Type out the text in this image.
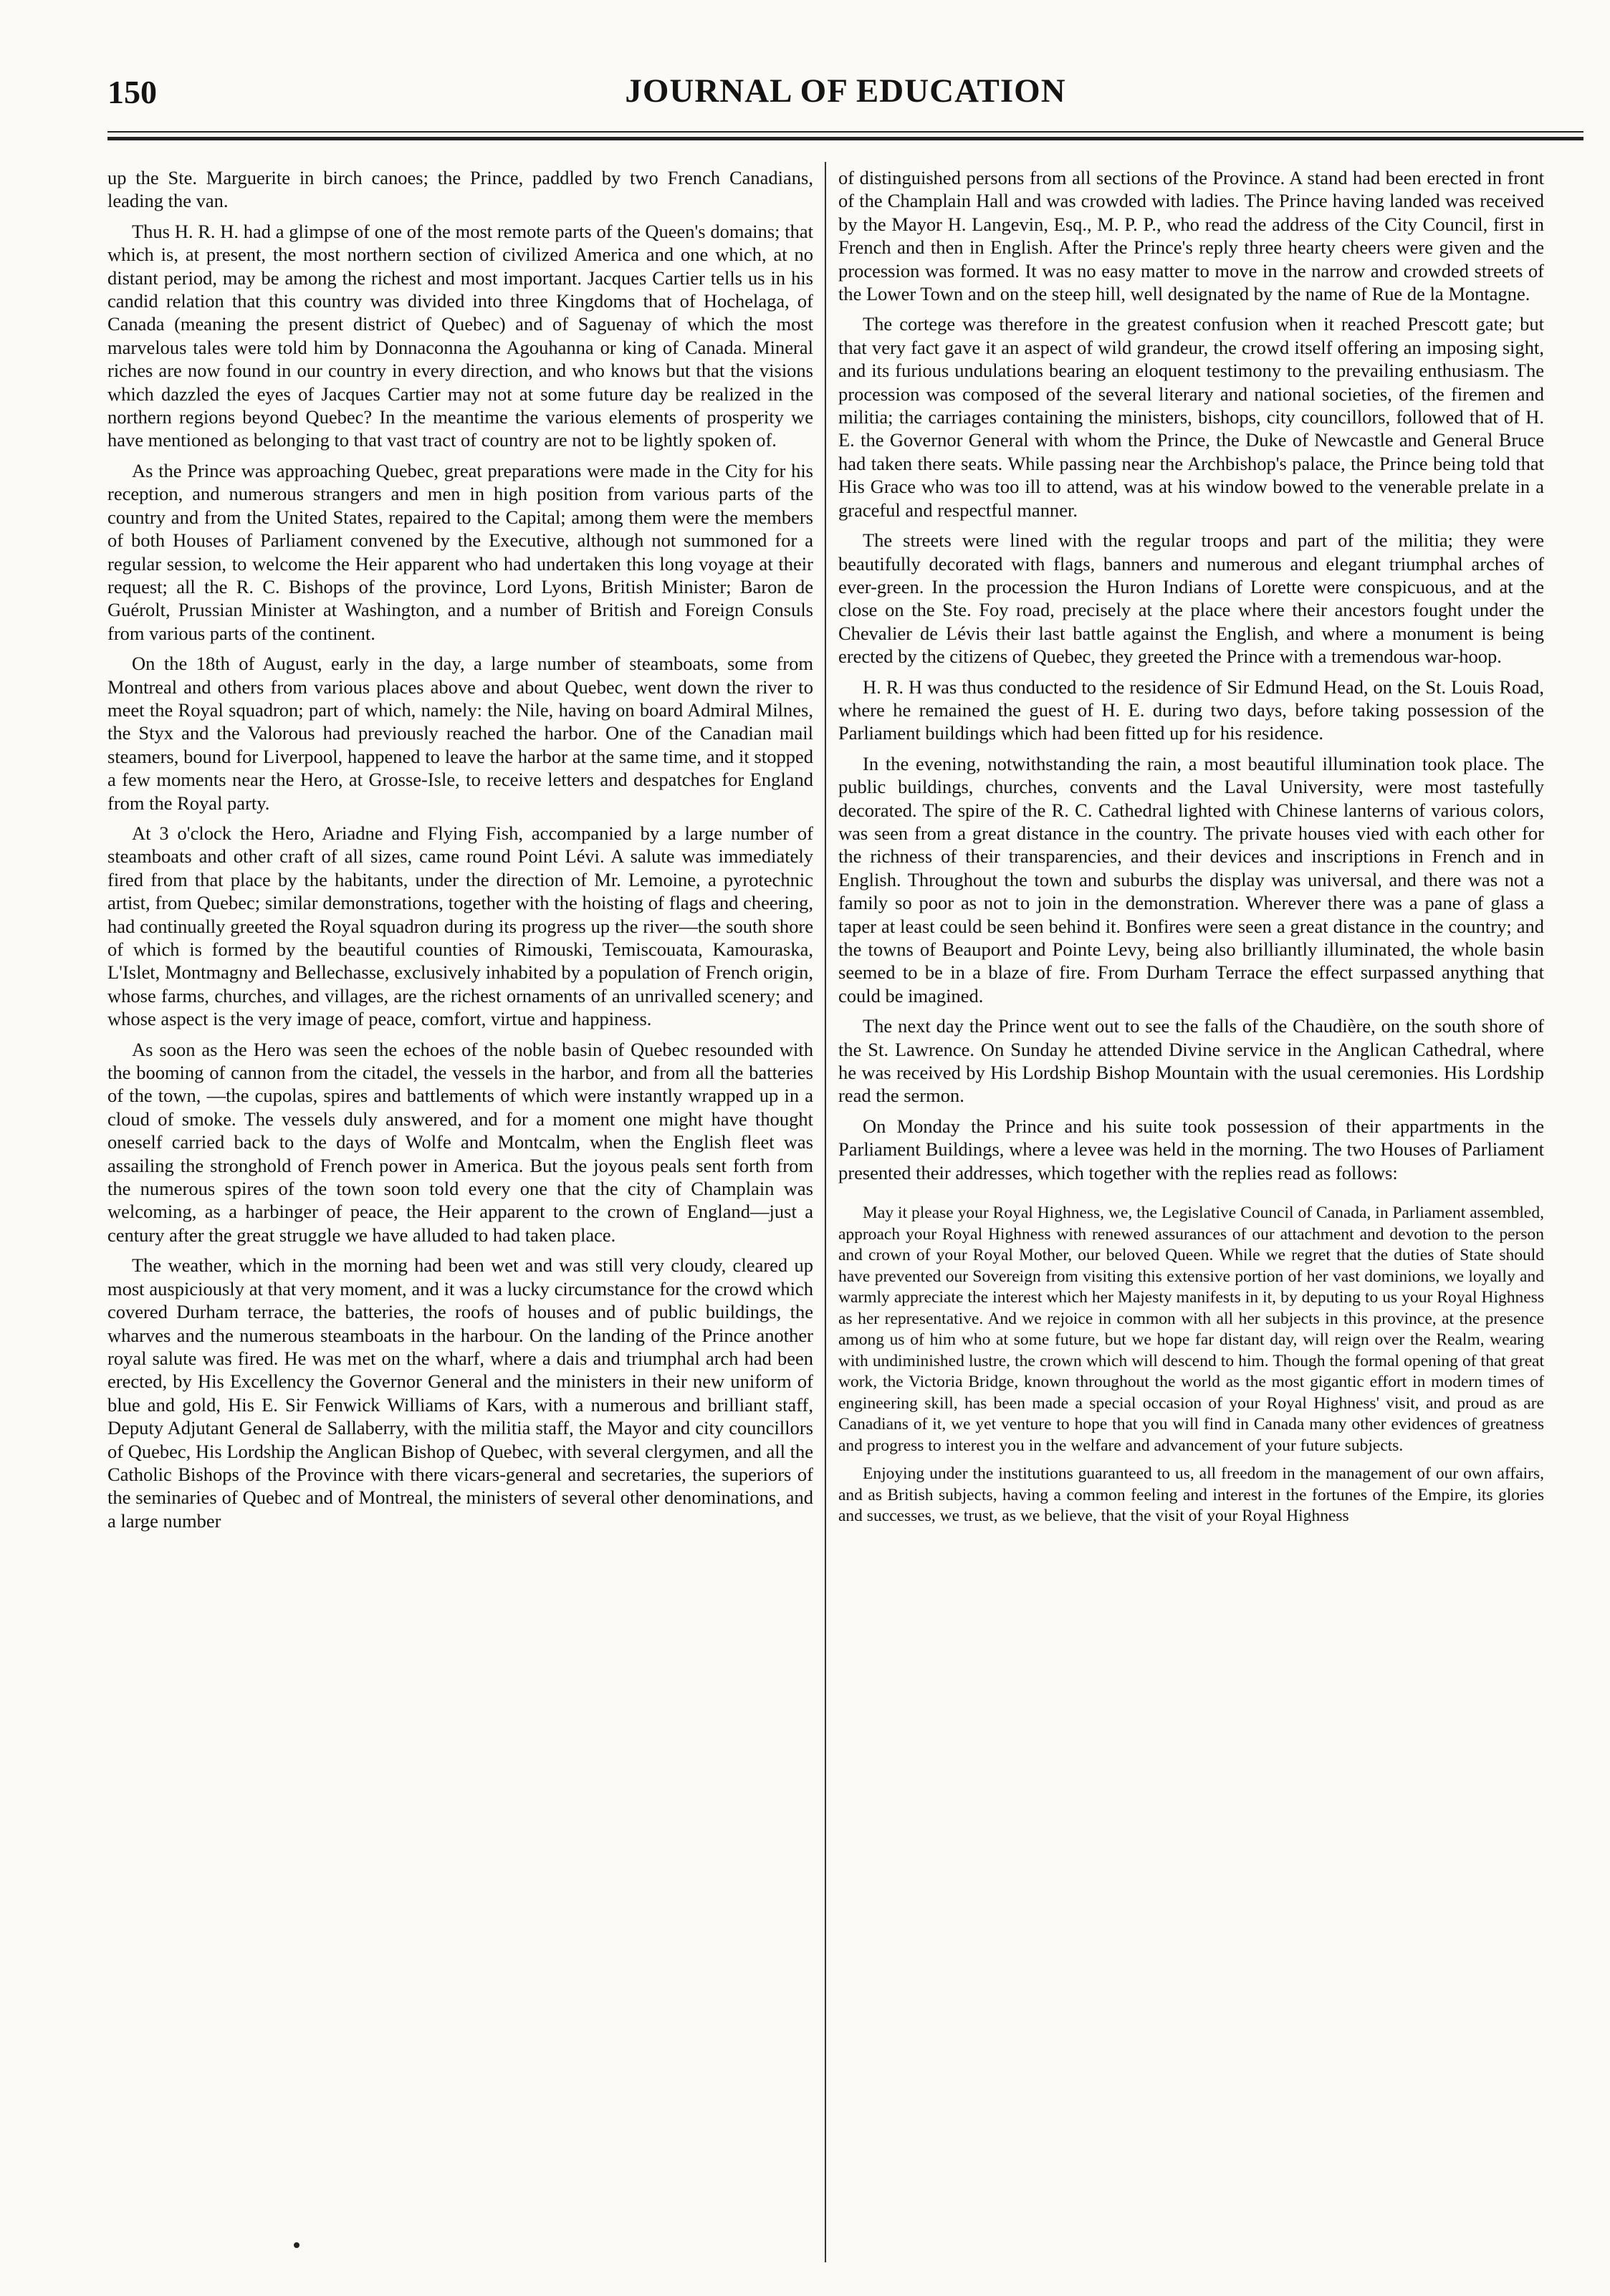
150	JOURNAL OF EDUCATION

up the Ste. Marguerite in birch canoes; the Prince, paddled by two French Canadians, leading the van.

Thus H. R. H. had a glimpse of one of the most remote parts of the Queen's domains; that which is, at present, the most northern section of civilized America and one which, at no distant period, may be among the richest and most important. Jacques Cartier tells us in his candid relation that this country was divided into three Kingdoms that of Hochelaga, of Canada (meaning the present district of Quebec) and of Saguenay of which the most marvelous tales were told him by Donnaconna the Agouhanna or king of Canada. Mineral riches are now found in our country in every direction, and who knows but that the visions which dazzled the eyes of Jacques Cartier may not at some future day be realized in the northern regions beyond Quebec? In the meantime the various elements of prosperity we have mentioned as belonging to that vast tract of country are not to be lightly spoken of.

As the Prince was approaching Quebec, great preparations were made in the City for his reception, and numerous strangers and men in high position from various parts of the country and from the United States, repaired to the Capital; among them were the members of both Houses of Parliament convened by the Executive, although not summoned for a regular session, to welcome the Heir apparent who had undertaken this long voyage at their request; all the R. C. Bishops of the province, Lord Lyons, British Minister; Baron de Guérolt, Prussian Minister at Washington, and a number of British and Foreign Consuls from various parts of the continent.

On the 18th of August, early in the day, a large number of steamboats, some from Montreal and others from various places above and about Quebec, went down the river to meet the Royal squadron; part of which, namely: the Nile, having on board Admiral Milnes, the Styx and the Valorous had previously reached the harbor. One of the Canadian mail steamers, bound for Liverpool, happened to leave the harbor at the same time, and it stopped a few moments near the Hero, at Grosse-Isle, to receive letters and despatches for England from the Royal party.

At 3 o'clock the Hero, Ariadne and Flying Fish, accompanied by a large number of steamboats and other craft of all sizes, came round Point Lévi. A salute was immediately fired from that place by the habitants, under the direction of Mr. Lemoine, a pyrotechnic artist, from Quebec; similar demonstrations, together with the hoisting of flags and cheering, had continually greeted the Royal squadron during its progress up the river—the south shore of which is formed by the beautiful counties of Rimouski, Temiscouata, Kamouraska, L'Islet, Montmagny and Bellechasse, exclusively inhabited by a population of French origin, whose farms, churches, and villages, are the richest ornaments of an unrivalled scenery; and whose aspect is the very image of peace, comfort, virtue and happiness.

As soon as the Hero was seen the echoes of the noble basin of Quebec resounded with the booming of cannon from the citadel, the vessels in the harbor, and from all the batteries of the town, —the cupolas, spires and battlements of which were instantly wrapped up in a cloud of smoke. The vessels duly answered, and for a moment one might have thought oneself carried back to the days of Wolfe and Montcalm, when the English fleet was assailing the stronghold of French power in America. But the joyous peals sent forth from the numerous spires of the town soon told every one that the city of Champlain was welcoming, as a harbinger of peace, the Heir apparent to the crown of England—just a century after the great struggle we have alluded to had taken place.

The weather, which in the morning had been wet and was still very cloudy, cleared up most auspiciously at that very moment, and it was a lucky circumstance for the crowd which covered Durham terrace, the batteries, the roofs of houses and of public buildings, the wharves and the numerous steamboats in the harbour. On the landing of the Prince another royal salute was fired. He was met on the wharf, where a dais and triumphal arch had been erected, by His Excellency the Governor General and the ministers in their new uniform of blue and gold, His E. Sir Fenwick Williams of Kars, with a numerous and brilliant staff, Deputy Adjutant General de Sallaberry, with the militia staff, the Mayor and city councillors of Quebec, His Lordship the Anglican Bishop of Quebec, with several clergymen, and all the Catholic Bishops of the Province with there vicars-general and secretaries, the superiors of the seminaries of Quebec and of Montreal, the ministers of several other denominations, and a large number

of distinguished persons from all sections of the Province. A stand had been erected in front of the Champlain Hall and was crowded with ladies. The Prince having landed was received by the Mayor H. Langevin, Esq., M. P. P., who read the address of the City Council, first in French and then in English. After the Prince's reply three hearty cheers were given and the procession was formed. It was no easy matter to move in the narrow and crowded streets of the Lower Town and on the steep hill, well designated by the name of Rue de la Montagne.

The cortege was therefore in the greatest confusion when it reached Prescott gate; but that very fact gave it an aspect of wild grandeur, the crowd itself offering an imposing sight, and its furious undulations bearing an eloquent testimony to the prevailing enthusiasm. The procession was composed of the several literary and national societies, of the firemen and militia; the carriages containing the ministers, bishops, city councillors, followed that of H. E. the Governor General with whom the Prince, the Duke of Newcastle and General Bruce had taken there seats. While passing near the Archbishop's palace, the Prince being told that His Grace who was too ill to attend, was at his window bowed to the venerable prelate in a graceful and respectful manner.

The streets were lined with the regular troops and part of the militia; they were beautifully decorated with flags, banners and numerous and elegant triumphal arches of ever-green. In the procession the Huron Indians of Lorette were conspicuous, and at the close on the Ste. Foy road, precisely at the place where their ancestors fought under the Chevalier de Lévis their last battle against the English, and where a monument is being erected by the citizens of Quebec, they greeted the Prince with a tremendous war-hoop.

H. R. H was thus conducted to the residence of Sir Edmund Head, on the St. Louis Road, where he remained the guest of H. E. during two days, before taking possession of the Parliament buildings which had been fitted up for his residence.

In the evening, notwithstanding the rain, a most beautiful illumination took place. The public buildings, churches, convents and the Laval University, were most tastefully decorated. The spire of the R. C. Cathedral lighted with Chinese lanterns of various colors, was seen from a great distance in the country. The private houses vied with each other for the richness of their transparencies, and their devices and inscriptions in French and in English. Throughout the town and suburbs the display was universal, and there was not a family so poor as not to join in the demonstration. Wherever there was a pane of glass a taper at least could be seen behind it. Bonfires were seen a great distance in the country; and the towns of Beauport and Pointe Levy, being also brilliantly illuminated, the whole basin seemed to be in a blaze of fire. From Durham Terrace the effect surpassed anything that could be imagined.

The next day the Prince went out to see the falls of the Chaudière, on the south shore of the St. Lawrence. On Sunday he attended Divine service in the Anglican Cathedral, where he was received by His Lordship Bishop Mountain with the usual ceremonies. His Lordship read the sermon.

On Monday the Prince and his suite took possession of their appartments in the Parliament Buildings, where a levee was held in the morning. The two Houses of Parliament presented their addresses, which together with the replies read as follows:

May it please your Royal Highness, we, the Legislative Council of Canada, in Parliament assembled, approach your Royal Highness with renewed assurances of our attachment and devotion to the person and crown of your Royal Mother, our beloved Queen. While we regret that the duties of State should have prevented our Sovereign from visiting this extensive portion of her vast dominions, we loyally and warmly appreciate the interest which her Majesty manifests in it, by deputing to us your Royal Highness as her representative. And we rejoice in common with all her subjects in this province, at the presence among us of him who at some future, but we hope far distant day, will reign over the Realm, wearing with undiminished lustre, the crown which will descend to him. Though the formal opening of that great work, the Victoria Bridge, known throughout the world as the most gigantic effort in modern times of engineering skill, has been made a special occasion of your Royal Highness' visit, and proud as are Canadians of it, we yet venture to hope that you will find in Canada many other evidences of greatness and progress to interest you in the welfare and advancement of your future subjects.

Enjoying under the institutions guaranteed to us, all freedom in the management of our own affairs, and as British subjects, having a common feeling and interest in the fortunes of the Empire, its glories and successes, we trust, as we believe, that the visit of your Royal Highness
